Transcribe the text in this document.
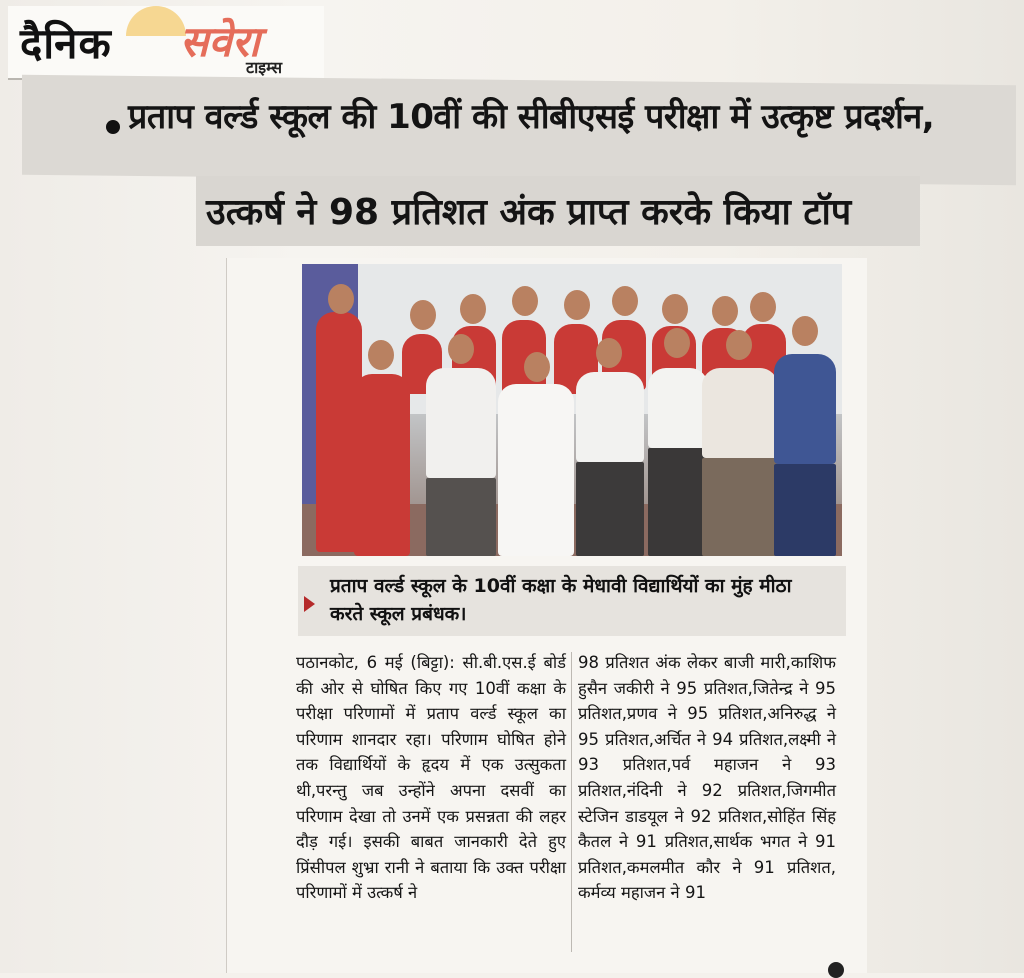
दैनिक सवेरा
टाइम्स
प्रताप वर्ल्ड स्कूल की 10वीं की सीबीएसई परीक्षा में उत्कृष्ट प्रदर्शन,
उत्कर्ष ने 98 प्रतिशत अंक प्राप्त करके किया टॉप
प्रताप वर्ल्ड स्कूल के 10वीं कक्षा के मेधावी विद्यार्थियों का मुंह मीठा करते स्कूल प्रबंधक।

पठानकोट, 6 मई (बिट्टा): सी.बी.एस.ई बोर्ड की ओर से घोषित किए गए 10वीं कक्षा के परीक्षा परिणामों में प्रताप वर्ल्ड स्कूल का परिणाम शानदार रहा। परिणाम घोषित होने तक विद्यार्थियों के हृदय में एक उत्सुकता थी,परन्तु जब उन्होंने अपना दसवीं का परिणाम देखा तो उनमें एक प्रसन्नता की लहर दौड़ गई। इसकी बाबत जानकारी देते हुए प्रिंसीपल शुभ्रा रानी ने बताया कि उक्त परीक्षा परिणामों में उत्कर्ष ने

98 प्रतिशत अंक लेकर बाजी मारी,काशिफ हुसैन जकीरी ने 95 प्रतिशत,जितेन्द्र ने 95 प्रतिशत,प्रणव ने 95 प्रतिशत,अनिरुद्ध ने 95 प्रतिशत,अर्चित ने 94 प्रतिशत,लक्ष्मी ने 93 प्रतिशत,पर्व महाजन ने 93 प्रतिशत,नंदिनी ने 92 प्रतिशत,जिगमीत स्टेजिन डाडयूल ने 92 प्रतिशत,सोहिंत सिंह कैतल ने 91 प्रतिशत,सार्थक भगत ने 91 प्रतिशत,कमलमीत कौर ने 91 प्रतिशत, कर्मव्य महाजन ने 91
